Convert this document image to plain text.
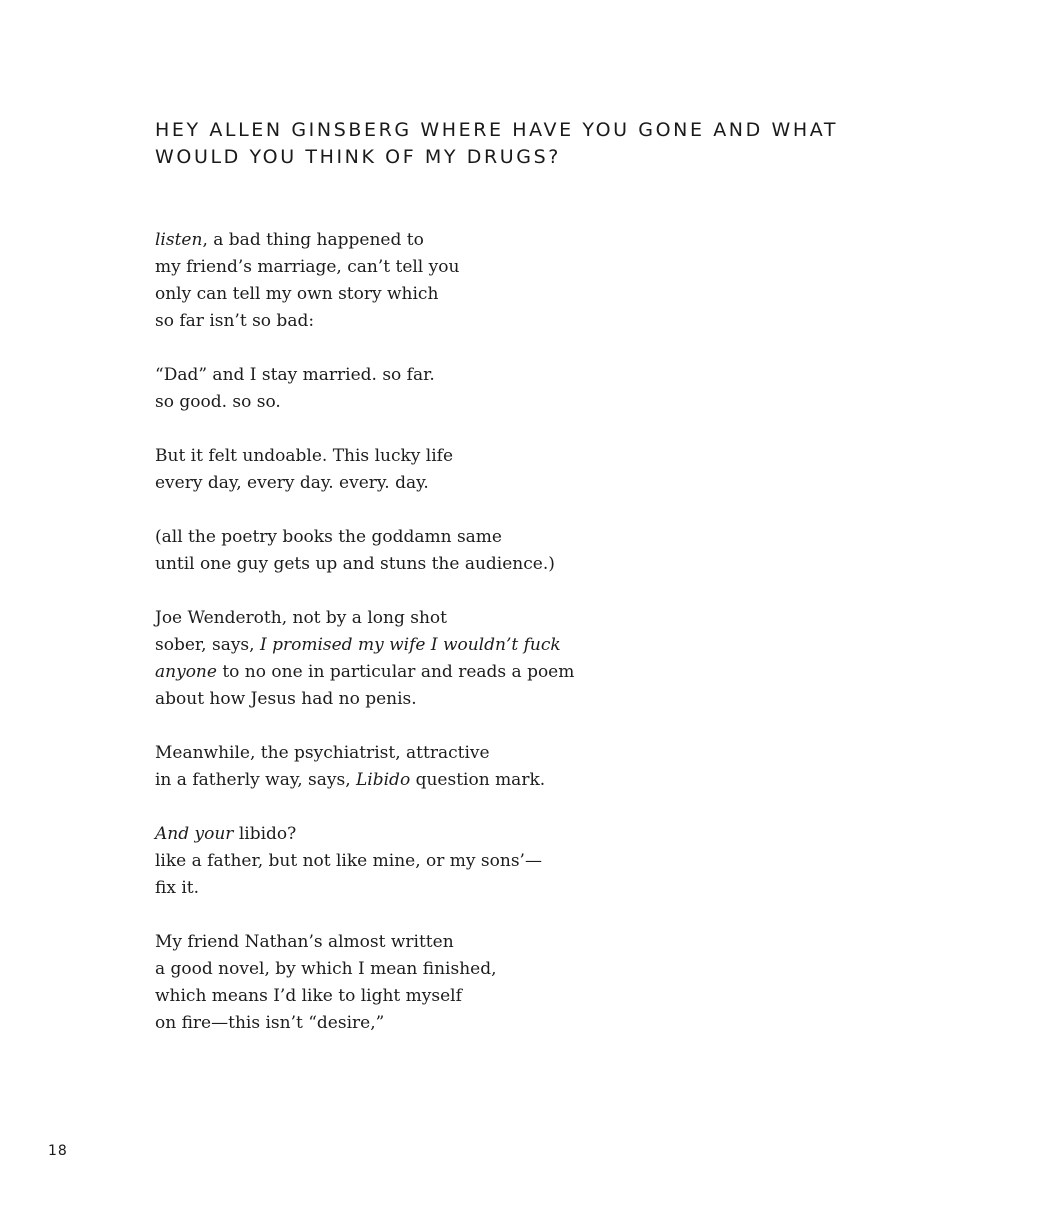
HEY ALLEN GINSBERG WHERE HAVE YOU GONE AND WHAT
WOULD YOU THINK OF MY DRUGS?
listen, a bad thing happened to
my friend’s marriage, can’t tell you
only can tell my own story which
so far isn’t so bad:
“Dad” and I stay married. so far.
so good. so so.
But it felt undoable. This lucky life
every day, every day. every. day.
(all the poetry books the goddamn same
until one guy gets up and stuns the audience.)
Joe Wenderoth, not by a long shot
sober, says, I promised my wife I wouldn’t fuck
anyone to no one in particular and reads a poem
about how Jesus had no penis.
Meanwhile, the psychiatrist, attractive
in a fatherly way, says, Libido question mark.
And your libido?
like a father, but not like mine, or my sons’—
fix it.
My friend Nathan’s almost written
a good novel, by which I mean finished,
which means I’d like to light myself
on fire—this isn’t “desire,”
18
